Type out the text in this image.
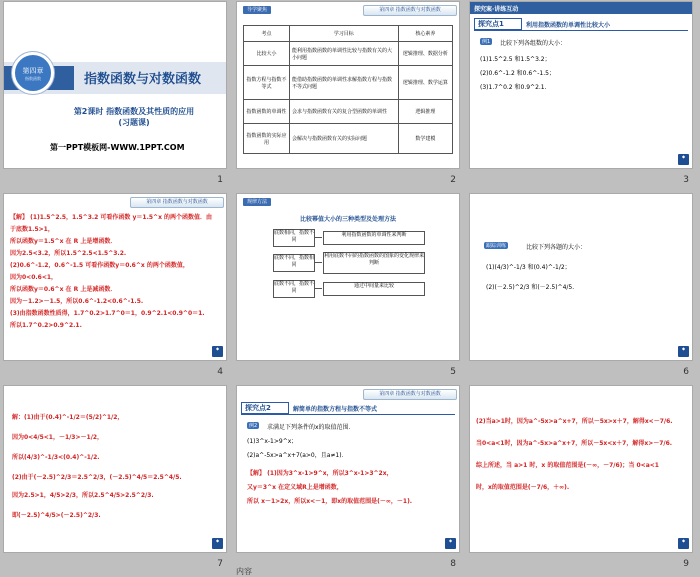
第四章
指数函数	指数函数与对数函数
第2课时 指数函数及其性质的应用
(习题课)
第一PPT模板网-WWW.1PPT.COM
1
导学聚焦	第四章 指数函数与对数函数
考点	学习目标	核心素养
比较大小	能利用指数函数的单调性比较与指数有关的大小问题	逻辑推理、数据分析
指数方程与指数不等式	能借助指数函数的单调性求解指数方程与指数不等式问题	逻辑推理、数学运算
指数函数的单调性	会求与指数函数有关的复合型函数的单调性	逻辑推理
指数函数的实际应用	会解决与指数函数有关的实际问题	数学建模
2
探究案·讲练互动
探究点1	利用指数函数的单调性比较大小
例1	比较下列各组数的大小：
(1)1.5^2.5 和1.5^3.2；
(2)0.6^-1.2 和0.6^-1.5；
(3)1.7^0.2 和0.9^2.1.
◆
3
第四章 指数函数与对数函数
【解】 (1)1.5^2.5，1.5^3.2 可看作函数 y＝1.5^x 的两个函数值．由
于底数1.5>1，
所以函数y＝1.5^x 在 R 上是增函数．
因为2.5<3.2，所以1.5^2.5<1.5^3.2.
(2)0.6^-1.2，0.6^-1.5 可看作函数y＝0.6^x 的两个函数值，
因为0<0.6<1，
所以函数y＝0.6^x 在 R 上是减函数．
因为－1.2>－1.5，所以0.6^-1.2<0.6^-1.5.
(3)由指数函数性质得，1.7^0.2>1.7^0＝1，0.9^2.1<0.9^0＝1.
所以1.7^0.2>0.9^2.1.
◆
4
规律方法
比较幂值大小的三种类型及处理方法
底数相同，指数不同
利用指数函数的单调性来判断
底数不同，指数相同
利用底数不同的指数函数的图象的变化规律来判断
底数不同，指数不同
通过中间量来比较
5
跟踪训练	比较下列各题的大小：
(1)(4/3)^-1/3 和(0.4)^-1/2；
(2)(－2.5)^2/3 和(－2.5)^4/5.
◆
6
解：(1)由于(0.4)^-1/2＝(5/2)^1/2，
因为0<4/5<1，－1/3>－1/2，
所以(4/3)^-1/3<(0.4)^-1/2.
(2)由于(－2.5)^2/3＝2.5^2/3，(－2.5)^4/5＝2.5^4/5.
因为2.5>1，4/5>2/3，所以2.5^4/5>2.5^2/3.
即(－2.5)^4/5>(－2.5)^2/3.
◆
7
第四章 指数函数与对数函数
探究点2	解简单的指数方程与指数不等式
例2	求满足下列条件的x的取值范围．
(1)3^x-1>9^x；
(2)a^-5x>a^x+7(a>0，且a≠1)．
【解】 (1)因为3^x-1>9^x，所以3^x-1>3^2x，
又y＝3^x 在定义域R上是增函数，
所以 x－1>2x，所以x<－1，即x的取值范围是(－∞，－1).
◆
8
(2)当a>1时，因为a^-5x>a^x+7，所以－5x>x＋7，解得x<－7/6.
当0<a<1时，因为a^-5x>a^x+7，所以－5x<x＋7，解得x>－7/6.
综上所述，当 a>1 时，x 的取值范围是(－∞，－7/6)；当 0<a<1
时，x的取值范围是(－7/6，＋∞).
◆
9
内容
